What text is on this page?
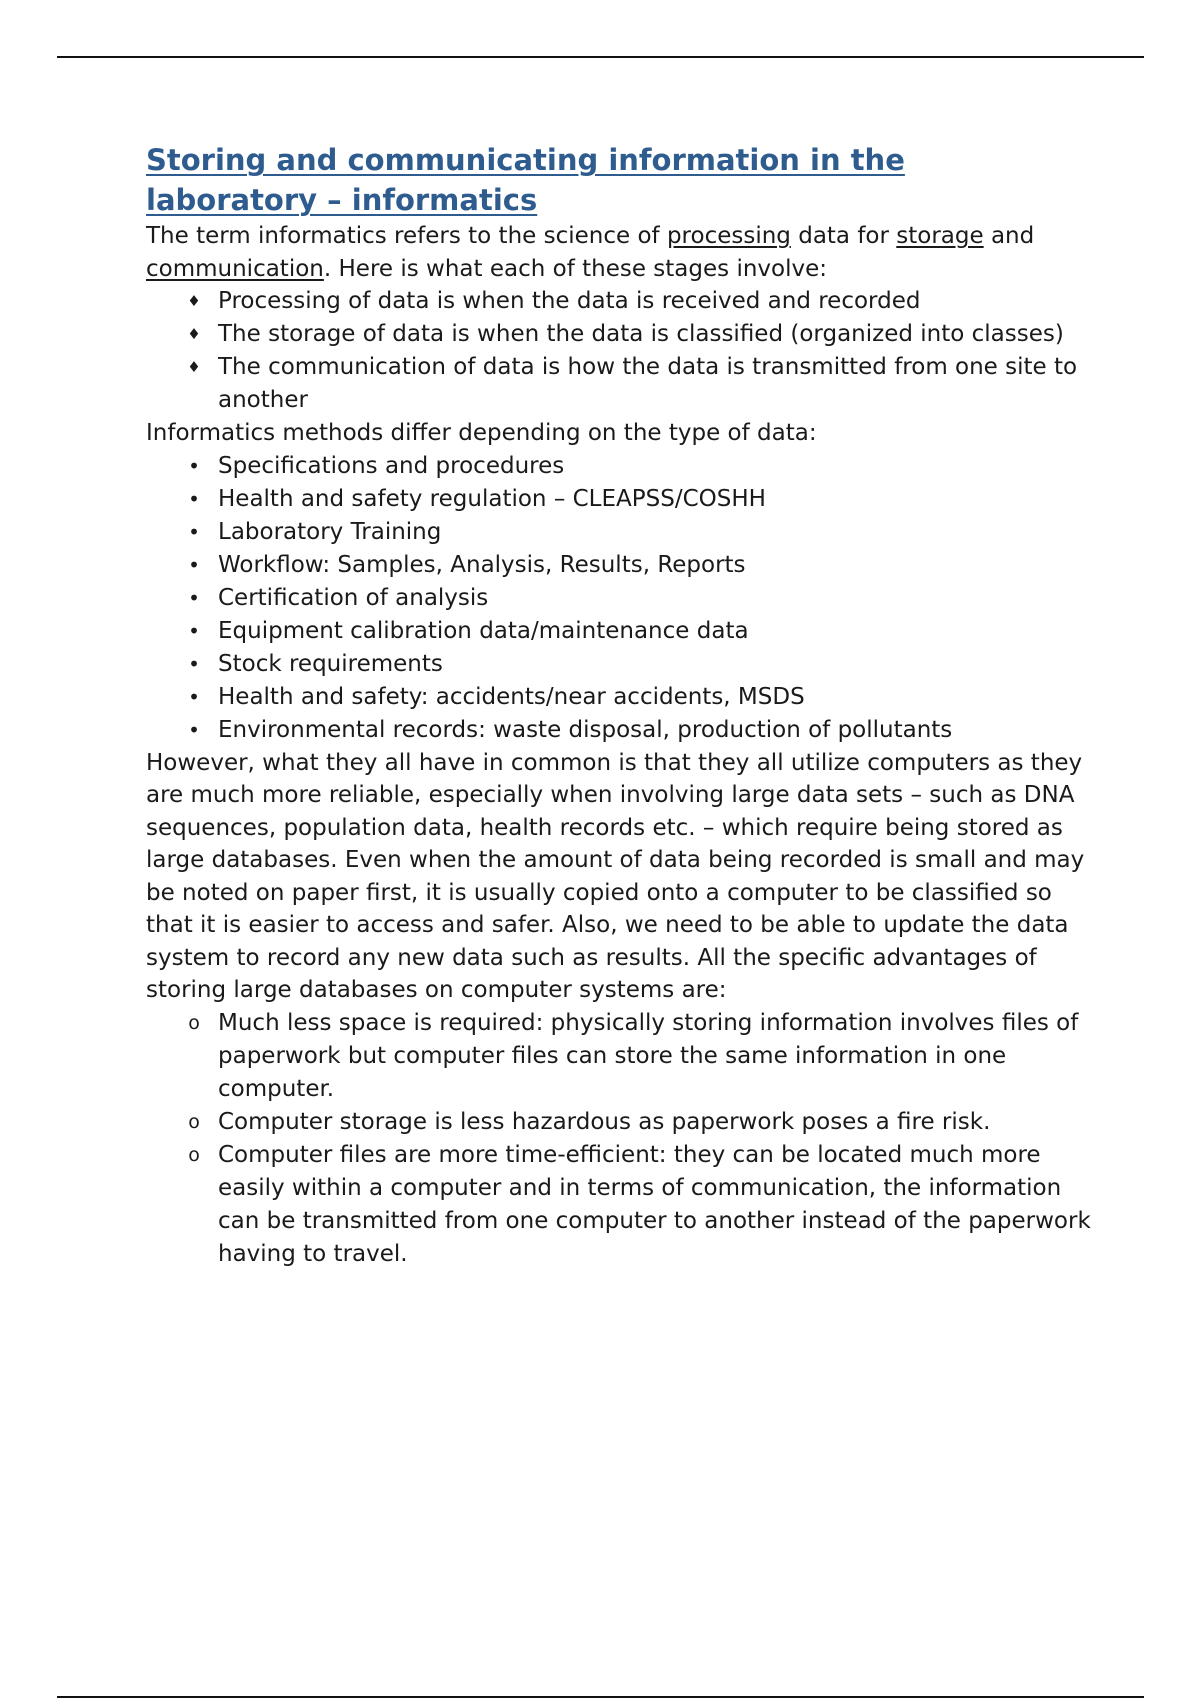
Storing and communicating information in the
laboratory – informatics

The term informatics refers to the science of processing data for storage and
communication. Here is what each of these stages involve:

♦ Processing of data is when the data is received and recorded
♦ The storage of data is when the data is classified (organized into classes)
♦ The communication of data is how the data is transmitted from one site to another

Informatics methods differ depending on the type of data:

• Specifications and procedures
• Health and safety regulation – CLEAPSS/COSHH
• Laboratory Training
• Workflow: Samples, Analysis, Results, Reports
• Certification of analysis
• Equipment calibration data/maintenance data
• Stock requirements
• Health and safety: accidents/near accidents, MSDS
• Environmental records: waste disposal, production of pollutants

However, what they all have in common is that they all utilize computers as they are much more reliable, especially when involving large data sets – such as DNA sequences, population data, health records etc. – which require being stored as large databases. Even when the amount of data being recorded is small and may be noted on paper first, it is usually copied onto a computer to be classified so that it is easier to access and safer. Also, we need to be able to update the data system to record any new data such as results. All the specific advantages of storing large databases on computer systems are:

o Much less space is required: physically storing information involves files of paperwork but computer files can store the same information in one computer.
o Computer storage is less hazardous as paperwork poses a fire risk.
o Computer files are more time-efficient: they can be located much more easily within a computer and in terms of communication, the information can be transmitted from one computer to another instead of the paperwork having to travel.
